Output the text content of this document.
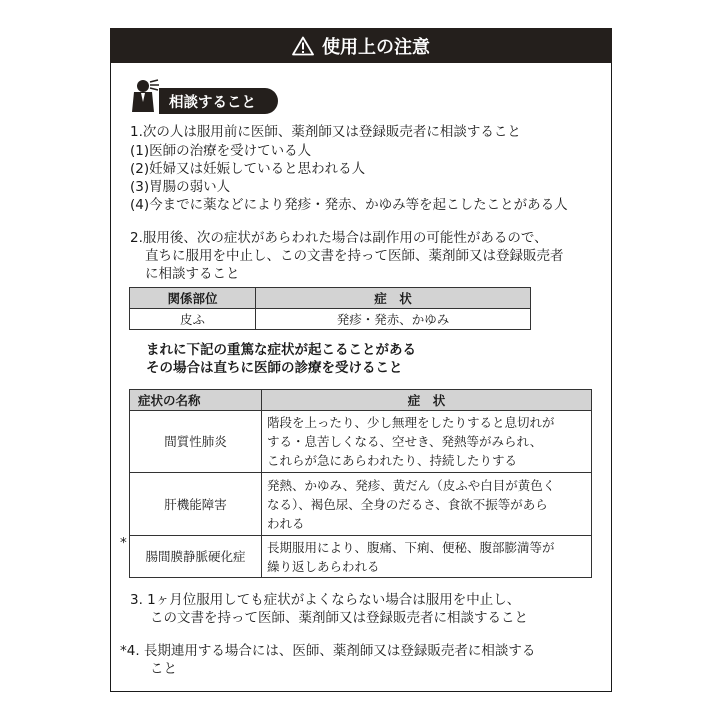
使用上の注意
相談すること
1.次の人は服用前に医師、薬剤師又は登録販売者に相談すること
(1)医師の治療を受けている人
(2)妊婦又は妊娠していると思われる人
(3)胃腸の弱い人
(4)今までに薬などにより発疹・発赤、かゆみ等を起こしたことがある人
2.服用後、次の症状があらわれた場合は副作用の可能性があるので、
直ちに服用を中止し、この文書を持って医師、薬剤師又は登録販売者
に相談すること
関係部位	症　状
皮ふ	発疹・発赤、かゆみ
まれに下記の重篤な症状が起こることがある
その場合は直ちに医師の診療を受けること
症状の名称	症　状
間質性肺炎	階段を上ったり、少し無理をしたりすると息切れが
する・息苦しくなる、空せき、発熱等がみられ、
これらが急にあらわれたり、持続したりする

肝機能障害	発熱、かゆみ、発疹、黄だん（皮ふや白目が黄色く
なる）、褐色尿、全身のだるさ、食欲不振等があら
われる

腸間膜静脈硬化症	長期服用により、腹痛、下痢、便秘、腹部膨満等が
繰り返しあらわれる
*
3. 1ヶ月位服用しても症状がよくならない場合は服用を中止し、
この文書を持って医師、薬剤師又は登録販売者に相談すること
*4. 長期連用する場合には、医師、薬剤師又は登録販売者に相談する
こと
